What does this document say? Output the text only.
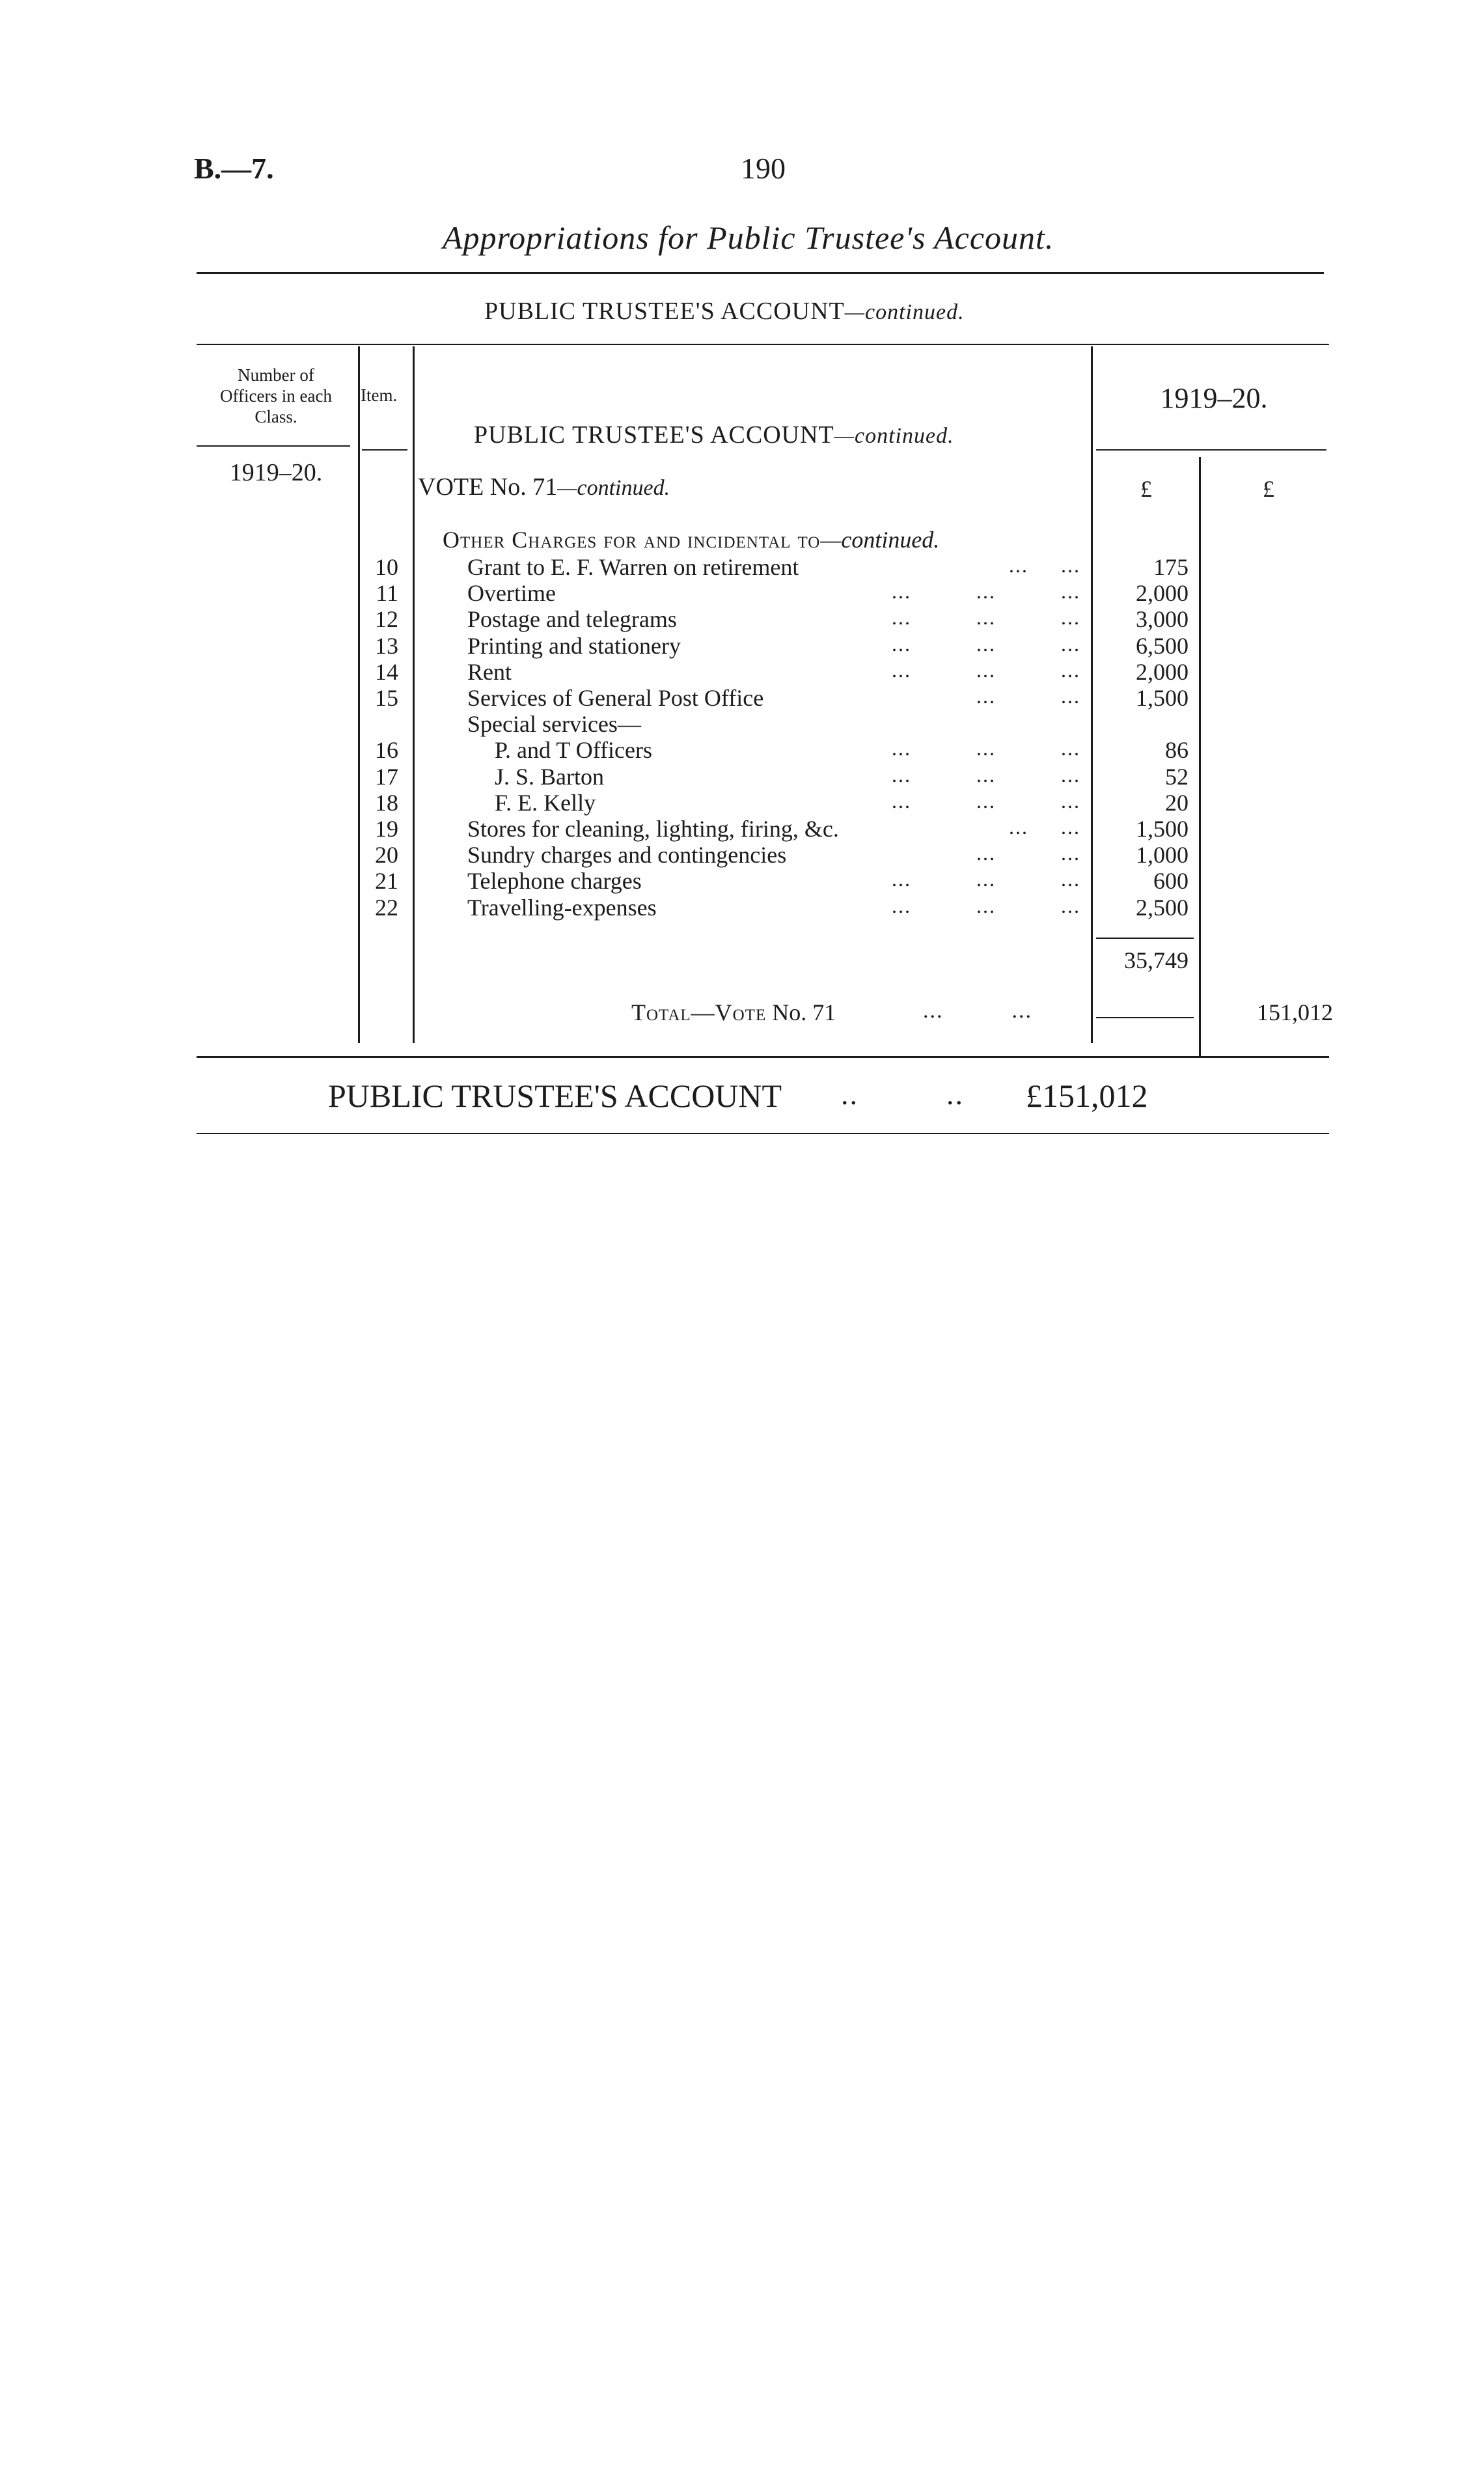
B.—7.	190
Appropriations for Public Trustee's Account.
PUBLIC TRUSTEE'S ACCOUNT—continued.
Number of
Officers in each
Class.
Item.
PUBLIC TRUSTEE'S ACCOUNT—continued.
1919–20.
1919–20.
£	£
VOTE No. 71—continued.
Other Charges for and incidental to—continued.
10	Grant to E. F. Warren on retirement	...     ...	175
11	Overtime	...          ...          ...	2,000
12	Postage and telegrams	...          ...          ...	3,000
13	Printing and stationery	...          ...          ...	6,500
14	Rent	...          ...          ...	2,000
15	Services of General Post Office	...          ...	1,500
Special services—
16	P. and T Officers	...          ...          ...	86
17	J. S. Barton	...          ...          ...	52
18	F. E. Kelly	...          ...          ...	20
19	Stores for cleaning, lighting, firing, &c.	...     ...	1,500
20	Sundry charges and contingencies	...          ...	1,000
21	Telephone charges	...          ...          ...	600
22	Travelling-expenses	...          ...          ...	2,500
35,749
Total—Vote No. 71	...          ...	151,012
PUBLIC TRUSTEE'S ACCOUNT ..          .. £151,012
